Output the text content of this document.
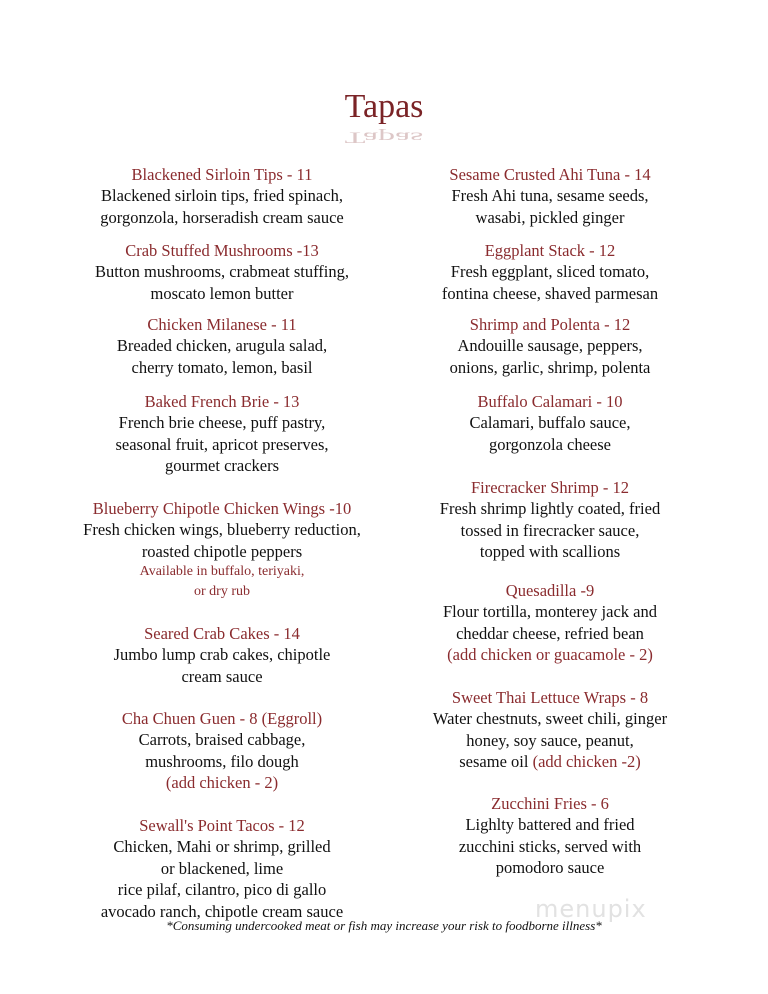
Tapas
Tapas
Blackened Sirloin Tips - 11
Blackened sirloin tips, fried spinach,
gorgonzola, horseradish cream sauce
Crab Stuffed Mushrooms -13
Button mushrooms, crabmeat stuffing,
moscato lemon butter
Chicken Milanese - 11
Breaded chicken, arugula salad,
cherry tomato, lemon, basil
Baked French Brie - 13
French brie cheese, puff pastry,
seasonal fruit, apricot preserves,
gourmet crackers
Blueberry Chipotle Chicken Wings -10
Fresh chicken wings, blueberry reduction,
roasted chipotle peppers
Available in buffalo, teriyaki,
or dry rub
Seared Crab Cakes - 14
Jumbo lump crab cakes, chipotle
cream sauce
Cha Chuen Guen - 8 (Eggroll)
Carrots, braised cabbage,
mushrooms, filo dough
(add chicken - 2)
Sewall's Point Tacos - 12
Chicken, Mahi or shrimp, grilled
or blackened, lime
rice pilaf, cilantro, pico di gallo
avocado ranch, chipotle cream sauce
Sesame Crusted Ahi Tuna - 14
Fresh Ahi tuna, sesame seeds,
wasabi, pickled ginger
Eggplant Stack - 12
Fresh eggplant, sliced tomato,
fontina cheese, shaved parmesan
Shrimp and Polenta - 12
Andouille sausage, peppers,
onions, garlic, shrimp, polenta
Buffalo Calamari - 10
Calamari, buffalo sauce,
gorgonzola cheese
Firecracker Shrimp - 12
Fresh shrimp lightly coated, fried
tossed in firecracker sauce,
topped with scallions
Quesadilla -9
Flour tortilla, monterey jack and
cheddar cheese, refried bean
(add chicken or guacamole - 2)
Sweet Thai Lettuce Wraps - 8
Water chestnuts, sweet chili, ginger
honey, soy sauce, peanut,
sesame oil (add chicken -2)
Zucchini Fries - 6
Lighlty battered and fried
zucchini sticks, served with
pomodoro sauce
*Consuming undercooked meat or fish may increase your risk to foodborne illness*
menupix
